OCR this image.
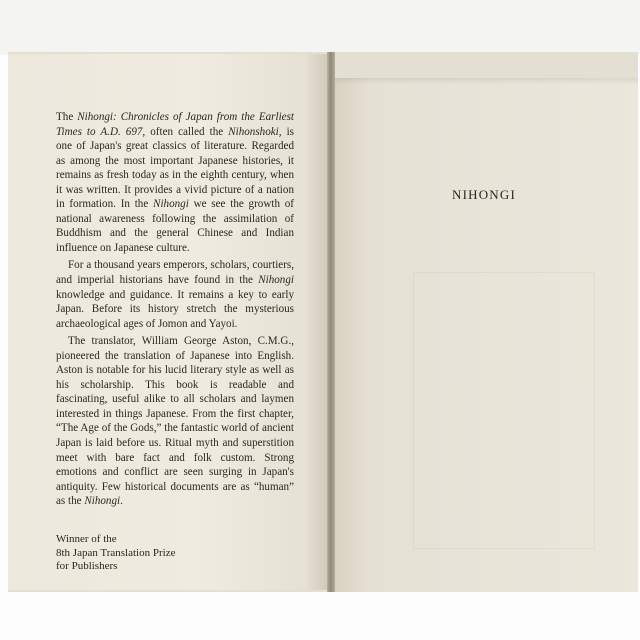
The Nihongi: Chronicles of Japan from the Earliest Times to A.D. 697, often called the Nihonshoki, is one of Japan's great classics of literature. Regarded as among the most important Japanese histories, it remains as fresh today as in the eighth century, when it was written. It provides a vivid picture of a nation in formation. In the Nihongi we see the growth of national awareness following the assimilation of Buddhism and the general Chinese and Indian influence on Japanese culture.

For a thousand years emperors, scholars, courtiers, and imperial historians have found in the Nihongi knowledge and guidance. It remains a key to early Japan. Before its history stretch the mysterious archaeological ages of Jomon and Yayoi.

The translator, William George Aston, C.M.G., pioneered the translation of Japanese into English. Aston is notable for his lucid literary style as well as his scholarship. This book is readable and fascinating, useful alike to all scholars and laymen interested in things Japanese. From the first chapter, “The Age of the Gods,” the fantastic world of ancient Japan is laid before us. Ritual myth and superstition meet with bare fact and folk custom. Strong emotions and conflict are seen surging in Japan's antiquity. Few historical documents are as “human” as the Nihongi.

Winner of the
8th Japan Translation Prize
for Publishers
NIHONGI
